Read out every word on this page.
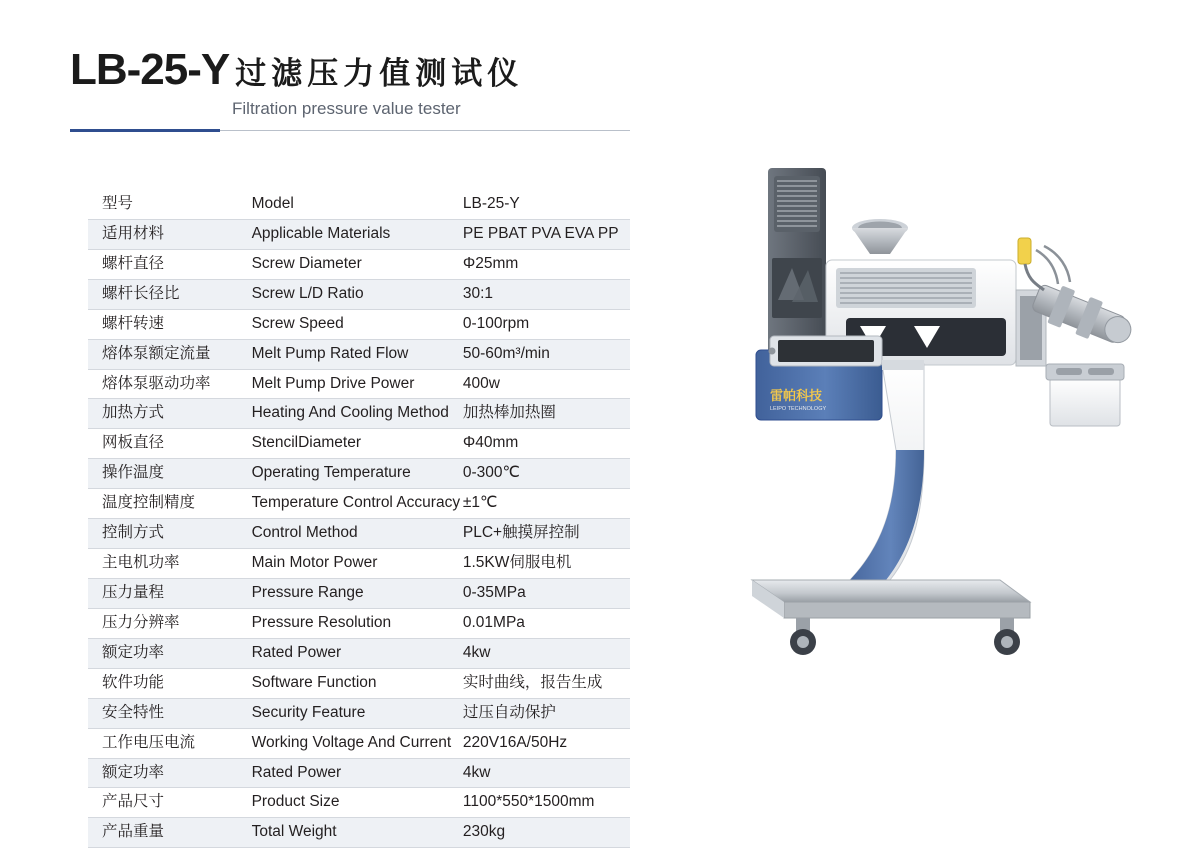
LB-25-Y 过滤压力值测试仪
Filtration pressure value tester
型号	Model	LB-25-Y
适用材料	Applicable Materials	PE PBAT PVA EVA PP
螺杆直径	Screw Diameter	Φ25mm
螺杆长径比	Screw L/D Ratio	30:1
螺杆转速	Screw Speed	0-100rpm
熔体泵额定流量	Melt Pump Rated Flow	50-60m³/min
熔体泵驱动功率	Melt Pump Drive Power	400w
加热方式	Heating And Cooling Method	加热棒加热圈
网板直径	StencilDiameter	Φ40mm
操作温度	Operating Temperature	0-300℃
温度控制精度	Temperature Control Accuracy	±1℃
控制方式	Control Method	PLC+触摸屏控制
主电机功率	Main Motor Power	1.5KW伺服电机
压力量程	Pressure Range	0-35MPa
压力分辨率	Pressure Resolution	0.01MPa
额定功率	Rated Power	4kw
软件功能	Software Function	实时曲线，报告生成
安全特性	Security Feature	过压自动保护
工作电压电流	Working Voltage And Current	220V16A/50Hz
额定功率	Rated Power	4kw
产品尺寸	Product Size	1100*550*1500mm
产品重量	Total Weight	230kg
雷帕科技
LEIPO TECHNOLOGY
